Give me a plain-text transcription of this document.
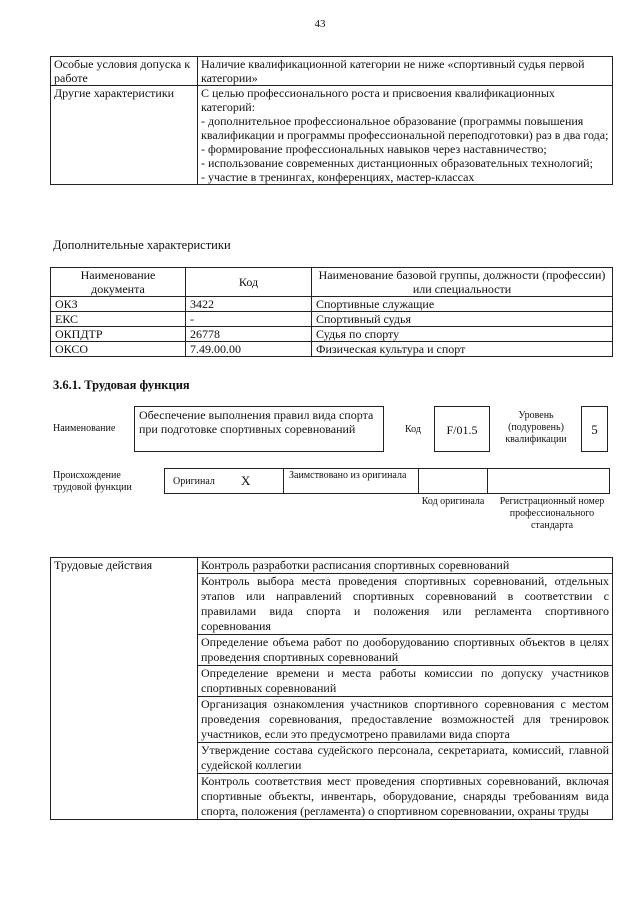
43
Особые условия допуска к работе	Наличие квалификационной категории не ниже «спортивный судья первой категории»
Другие характеристики	С целью профессионального роста и присвоения квалификационных категорий:
- дополнительное профессиональное образование (программы повышения квалификации и программы профессиональной переподготовки) раз в два года;
- формирование профессиональных навыков через наставничество;
- использование современных дистанционных образовательных технологий;
- участие в тренингах, конференциях, мастер-классах
Дополнительные характеристики
Наименование документа	Код	Наименование базовой группы, должности (профессии) или специальности
ОКЗ	3422	Спортивные служащие
ЕКС	-	Спортивный судья
ОКПДТР	26778	Судья по спорту
ОКСО	7.49.00.00	Физическая культура и спорт
3.6.1. Трудовая функция
Наименование
Обеспечение выполнения правил вида спорта при подготовке спортивных соревнований	Код	F/01.5
Уровень (подуровень) квалификации
5
Происхождение трудовой функции
Оригинал X	Заимствовано из оригинала
Код оригинала	Регистрационный номер профессионального стандарта
Трудовые действия	Контроль разработки расписания спортивных соревнований
Контроль выбора места проведения спортивных соревнований, отдельных этапов или направлений спортивных соревнований в соответствии с правилами вида спорта и положения или регламента спортивного соревнования
Определение объема работ по дооборудованию спортивных объектов в целях проведения спортивных соревнований
Определение времени и места работы комиссии по допуску участников спортивных соревнований
Организация ознакомления участников спортивного соревнования с местом проведения соревнования, предоставление возможностей для тренировок участников, если это предусмотрено правилами вида спорта
Утверждение состава судейского персонала, секретариата, комиссий, главной судейской коллегии
Контроль соответствия мест проведения спортивных соревнований, включая спортивные объекты, инвентарь, оборудование, снаряды требованиям вида спорта, положения (регламента) о спортивном соревновании, охраны труды
